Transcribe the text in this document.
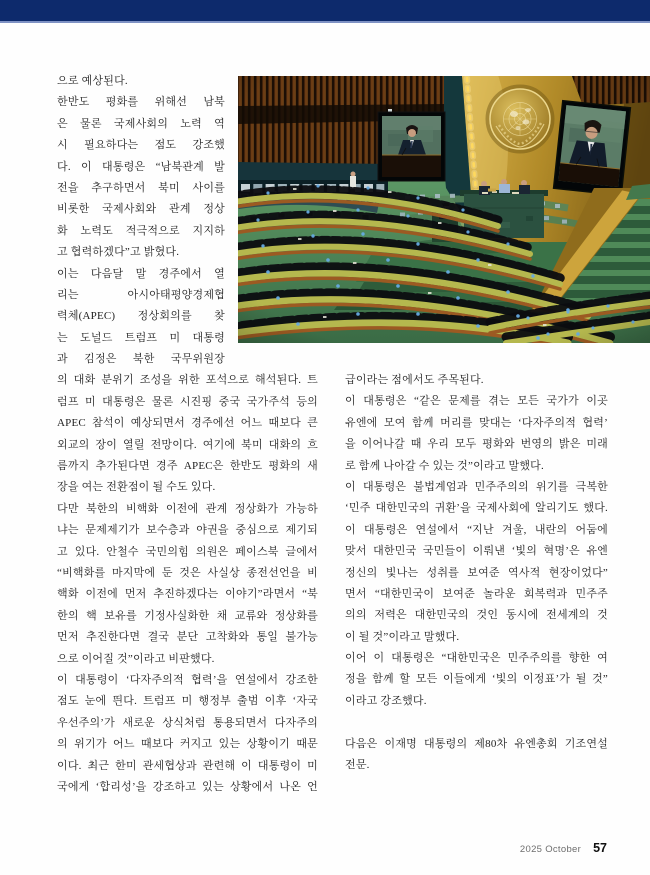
으로 예상된다.
한반도 평화를 위해선 남북
은 물론 국제사회의 노력 역
시 필요하다는 점도 강조했
다. 이 대통령은 “남북관계 발
전을 추구하면서 북미 사이를
비롯한 국제사회와 관계 정상
화 노력도 적극적으로 지지하
고 협력하겠다”고 밝혔다.
이는 다음달 말 경주에서 열
리는 아시아태평양경제협
력체(APEC) 정상회의를 찾
는 도널드 트럼프 미 대통령
과 김정은 북한 국무위원장
의 대화 분위기 조성을 위한 포석으로 해석된다. 트
럼프 미 대통령은 물론 시진핑 중국 국가주석 등의
APEC 참석이 예상되면서 경주에선 어느 때보다 큰
외교의 장이 열릴 전망이다. 여기에 북미 대화의 흐
름까지 추가된다면 경주 APEC은 한반도 평화의 새
장을 여는 전환점이 될 수도 있다.
다만 북한의 비핵화 이전에 관계 정상화가 가능하
냐는 문제제기가 보수층과 야권을 중심으로 제기되
고 있다. 안철수 국민의힘 의원은 페이스북 글에서
“비핵화를 마지막에 둔 것은 사실상 종전선언을 비
핵화 이전에 먼저 추진하겠다는 이야기”라면서 “북
한의 핵 보유를 기정사실화한 채 교류와 정상화를
먼저 추진한다면 결국 분단 고착화와 통일 불가능
으로 이어질 것”이라고 비판했다.
이 대통령이 ‘다자주의적 협력’을 연설에서 강조한
점도 눈에 띈다. 트럼프 미 행정부 출범 이후 ‘자국
우선주의’가 새로운 상식처럼 통용되면서 다자주의
의 위기가 어느 때보다 커지고 있는 상황이기 때문
이다. 최근 한미 관세협상과 관련해 이 대통령이 미
국에게 ‘합리성’을 강조하고 있는 상황에서 나온 언
급이라는 점에서도 주목된다.
이 대통령은 “같은 문제를 겪는 모든 국가가 이곳
유엔에 모여 함께 머리를 맞대는 ‘다자주의적 협력’
을 이어나갈 때 우리 모두 평화와 번영의 밝은 미래
로 함께 나아갈 수 있는 것”이라고 말했다.
이 대통령은 불법계엄과 민주주의의 위기를 극복한
‘민주 대한민국의 귀환’을 국제사회에 알리기도 했다.
이 대통령은 연설에서 “지난 겨울, 내란의 어둠에
맞서 대한민국 국민들이 이뤄낸 ‘빛의 혁명’은 유엔
정신의 빛나는 성취를 보여준 역사적 현장이었다”
면서 “대한민국이 보여준 놀라운 회복력과 민주주
의의 저력은 대한민국의 것인 동시에 전세계의 것
이 될 것”이라고 말했다.
이어 이 대통령은 “대한민국은 민주주의를 향한 여
정을 함께 할 모든 이들에게 ‘빛의 이정표’가 될 것”
이라고 강조했다.
다음은 이재명 대통령의 제80차 유엔총회 기조연설
전문.
2025 October 57
